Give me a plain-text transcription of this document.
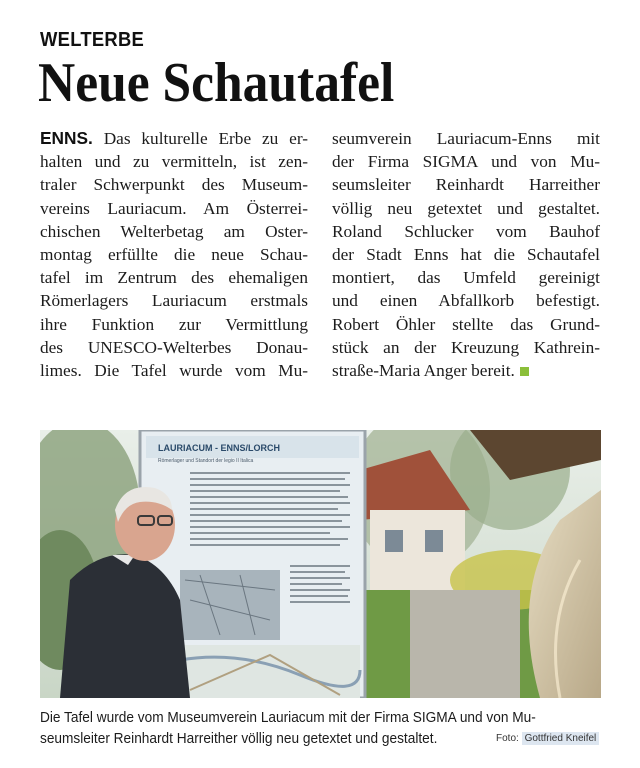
WELTERBE
Neue Schautafel
ENNS. Das kulturelle Erbe zu er-
halten und zu vermitteln, ist zen-
traler Schwerpunkt des Museum-
vereins Lauriacum. Am Österrei-
chischen Welterbetag am Oster-
montag erfüllte die neue Schau-
tafel im Zentrum des ehemaligen
Römerlagers Lauriacum erstmals
ihre Funktion zur Vermittlung
des UNESCO-Welterbes Donau-
limes. Die Tafel wurde vom Mu-
seumverein Lauriacum-Enns mit
der Firma SIGMA und von Mu-
seumsleiter Reinhardt Harreither
völlig neu getextet und gestaltet.
Roland Schlucker vom Bauhof
der Stadt Enns hat die Schautafel
montiert, das Umfeld gereinigt
und einen Abfallkorb befestigt.
Robert Öhler stellte das Grund-
stück an der Kreuzung Kathrein-
straße-Maria Anger bereit.
LAURIACUM - ENNS/LORCH
Römerlager und Standort der legio II Italica
Die Tafel wurde vom Museumverein Lauriacum mit der Firma SIGMA und von Mu-
seumsleiter Reinhardt Harreither völlig neu getextet und gestaltet.	Foto: Gottfried Kneifel
